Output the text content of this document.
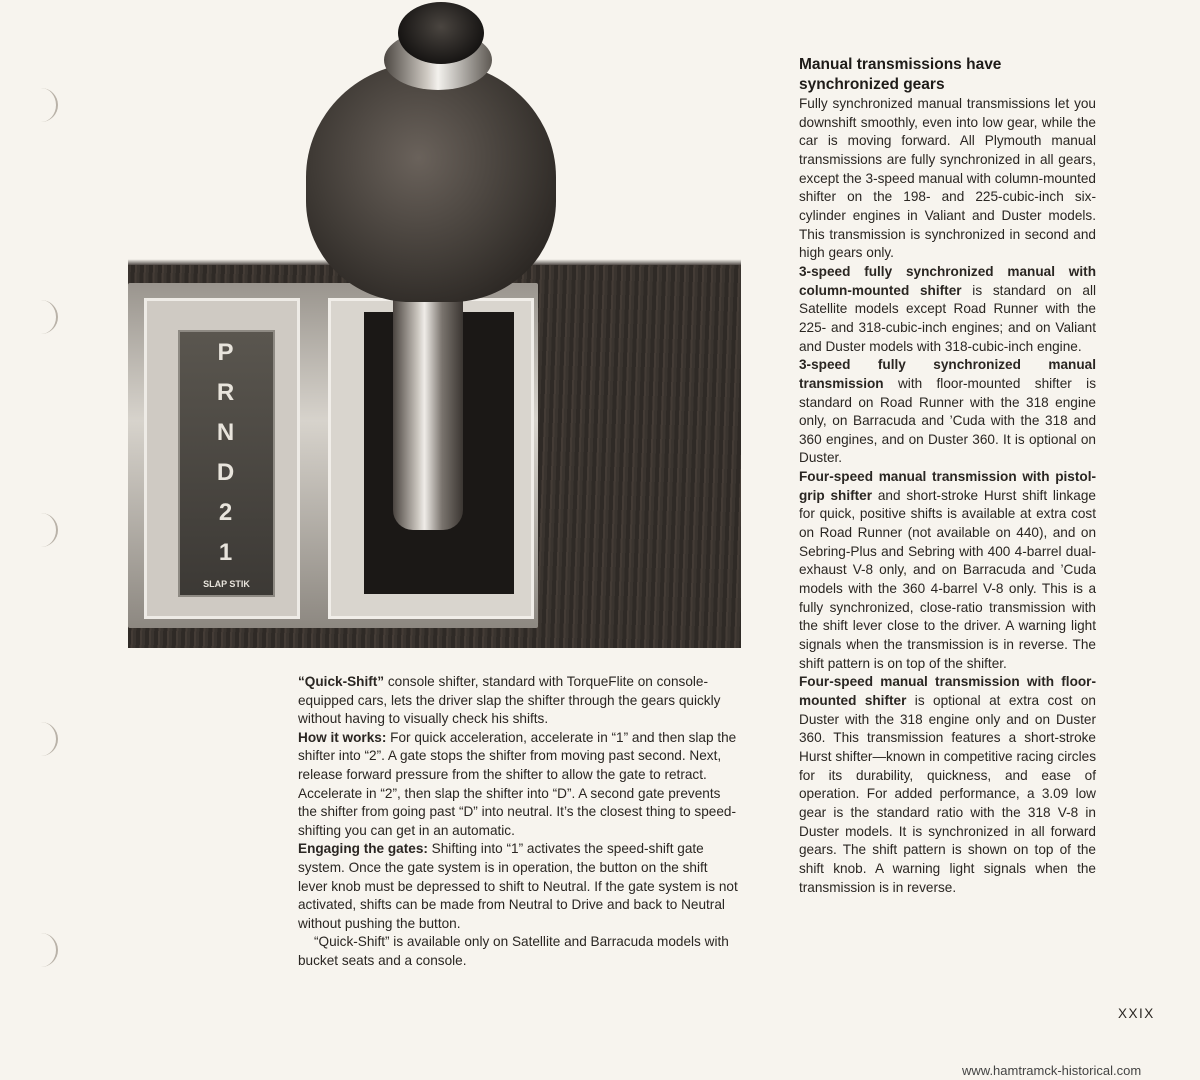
P
R
N
D
2
1
SLAP STIK

“Quick-Shift” console shifter, standard with TorqueFlite on console-equipped cars, lets the driver slap the shifter through the gears quickly without having to visually check his shifts.

How it works: For quick acceleration, accelerate in “1” and then slap the shifter into “2”. A gate stops the shifter from moving past second. Next, release forward pressure from the shifter to allow the gate to retract. Accelerate in “2”, then slap the shifter into “D”. A second gate prevents the shifter from going past “D” into neutral. It’s the closest thing to speed-shifting you can get in an automatic.

Engaging the gates: Shifting into “1” activates the speed-shift gate system. Once the gate system is in operation, the button on the shift lever knob must be depressed to shift to Neutral. If the gate system is not activated, shifts can be made from Neutral to Drive and back to Neutral without pushing the button.

“Quick-Shift” is available only on Satellite and Barracuda models with bucket seats and a console.

Manual transmissions have synchronized gears

Fully synchronized manual transmissions let you downshift smoothly, even into low gear, while the car is moving forward. All Plymouth manual transmissions are fully synchronized in all gears, except the 3-speed manual with column-mounted shifter on the 198- and 225-cubic-inch six-cylinder engines in Valiant and Duster models. This transmission is synchronized in second and high gears only.

3-speed fully synchronized manual with column-mounted shifter is standard on all Satellite models except Road Runner with the 225- and 318-cubic-inch engines; and on Valiant and Duster models with 318-cubic-inch engine.

3-speed fully synchronized manual transmission with floor-mounted shifter is standard on Road Runner with the 318 engine only, on Barracuda and ’Cuda with the 318 and 360 engines, and on Duster 360. It is optional on Duster.

Four-speed manual transmission with pistol-grip shifter and short-stroke Hurst shift linkage for quick, positive shifts is available at extra cost on Road Runner (not available on 440), and on Sebring-Plus and Sebring with 400 4-barrel dual-exhaust V-8 only, and on Barracuda and ’Cuda models with the 360 4-barrel V-8 only. This is a fully synchronized, close-ratio transmission with the shift lever close to the driver. A warning light signals when the transmission is in reverse. The shift pattern is on top of the shifter.

Four-speed manual transmission with floor-mounted shifter is optional at extra cost on Duster with the 318 engine only and on Duster 360. This transmission features a short-stroke Hurst shifter—known in competitive racing circles for its durability, quickness, and ease of operation. For added performance, a 3.09 low gear is the standard ratio with the 318 V-8 in Duster models. It is synchronized in all forward gears. The shift pattern is shown on top of the shift knob. A warning light signals when the transmission is in reverse.

XXIX
www.hamtramck-historical.com
